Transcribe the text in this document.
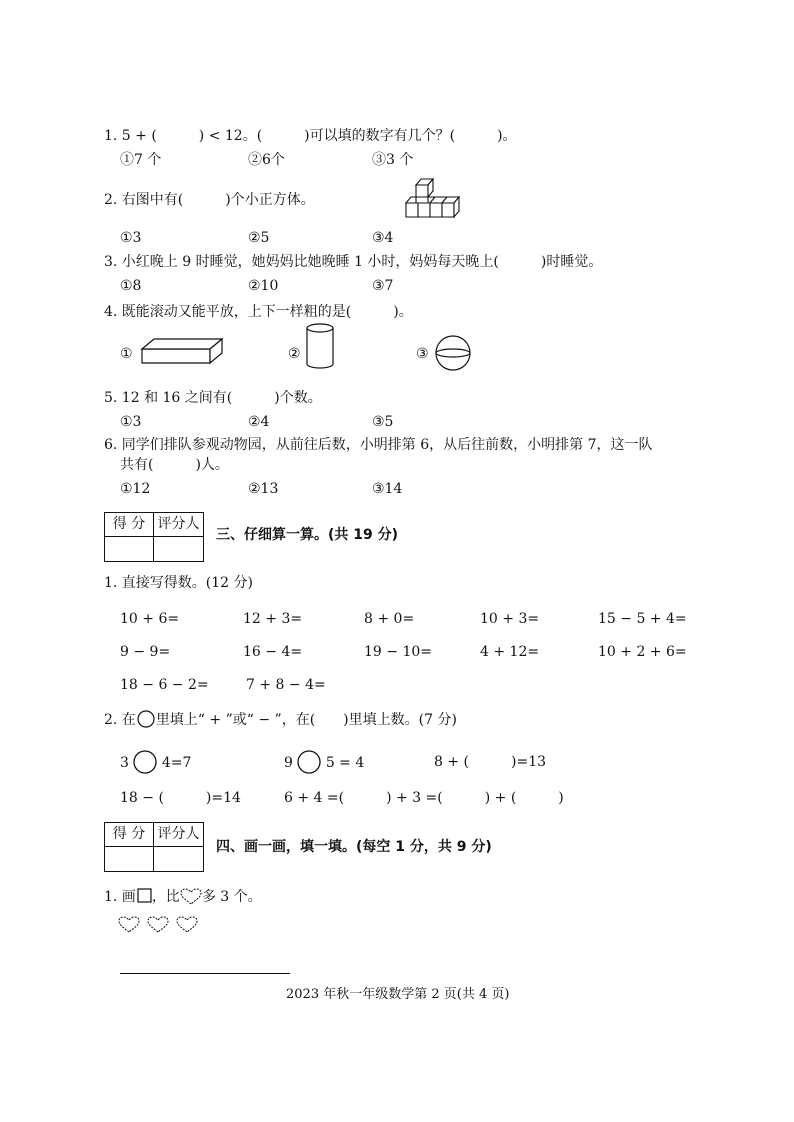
1. 5 + (　　　) < 12。(　　　)可以填的数字有几个？(　　　)。
①7 个	②6个	③3 个
2. 右图中有(　　　)个小正方体。
①3	②5	③4
3. 小红晚上 9 时睡觉，她妈妈比她晚睡 1 小时，妈妈每天晚上(　　　)时睡觉。
①8	②10	③7
4. 既能滚动又能平放，上下一样粗的是(　　　)。
①	②	③
5. 12 和 16 之间有(　　　)个数。
①3	②4	③5
6. 同学们排队参观动物园，从前往后数，小明排第 6，从后往前数，小明排第 7，这一队
共有(　　　)人。
①12	②13	③14
得 分 评分人
三、仔细算一算。(共 19 分)
1. 直接写得数。(12 分)
10 + 6=	12 + 3=	8 + 0=	10 + 3=	15 − 5 + 4=
9 − 9=	16 − 4=	19 − 10=	4 + 12=	10 + 2 + 6=
18 − 6 − 2=	7 + 8 − 4=
2. 在 里填上“ + ”或“ − ”，在(　　)里填上数。(7 分)
3 4=7	9 5 = 4	8 + (　　　)=13
18 − (　　　)=14	6 + 4 =(　　　) + 3 =(　　　) + (　　　)
得 分 评分人
四、画一画，填一填。(每空 1 分，共 9 分)
1. 画 ，比 多 3 个。
2023 年秋一年级数学第 2 页(共 4 页)
